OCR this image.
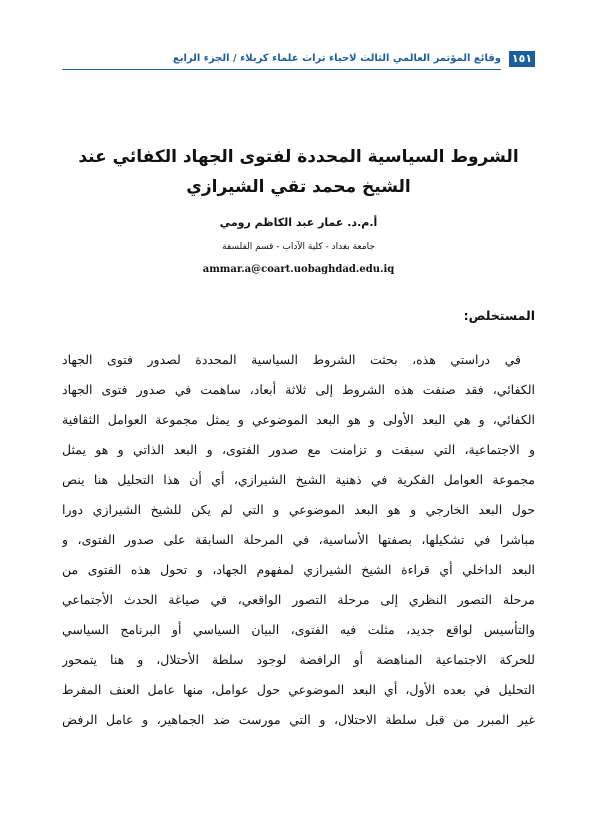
١٥١
وقائع المؤتمر العالمي الثالث لاحياء تراث علماء كربلاء / الجزء الرابع
الشروط السياسية المحددة لفتوى الجهاد الكفائي عند الشيخ محمد تقي الشيرازي
أ.م.د. عمار عبد الكاظم رومي
جامعة بغداد - كلية الآداب - قسم الفلسفة
ammar.a@coart.uobaghdad.edu.iq
المستخلص:
في دراستي هذه، بحثت الشروط السياسية المحددة لصدور فتوى الجهاد
الكفائي، فقد صنفت هذه الشروط إلى ثلاثة أبعاد، ساهمت في صدور فتوى الجهاد
الكفائي، و هي البعد الأولى و هو البعد الموضوعي و يمثل مجموعة العوامل الثقافية
و الاجتماعية، التي سبقت و تزامنت مع صدور الفتوى، و البعد الذاتي و هو يمثل
مجموعة العوامل الفكرية في ذهنية الشيخ الشيرازي، أي أن هذا التحليل هنا ينص
حول البعد الخارجي و هو البعد الموضوعي و التي لم يكن للشيخ الشيرازي دورا
مباشرا في تشكيلها، بصفتها الأساسية، في المرحلة السابقة على صدور الفتوى، و
البعد الداخلي أي قراءة الشيخ الشيرازي لمفهوم الجهاد، و تحول هذه الفتوى من
مرحلة التصور النظري إلى مرحلة التصور الواقعي، في صياغة الحدث الأجتماعي
والتأسيس لواقع جديد، مثلت فيه الفتوى، البيان السياسي أو البرنامج السياسي
للحركة الاجتماعية المناهضة أو الرافضة لوجود سلطة الأحتلال، و هنا يتمحور
التحليل في بعده الأول، أي البعد الموضوعي حول عوامل، منها عامل العنف المفرط
غير المبرر من قبل سلطة الاحتلال، و التي مورست ضد الجماهير، و عامل الرفض
